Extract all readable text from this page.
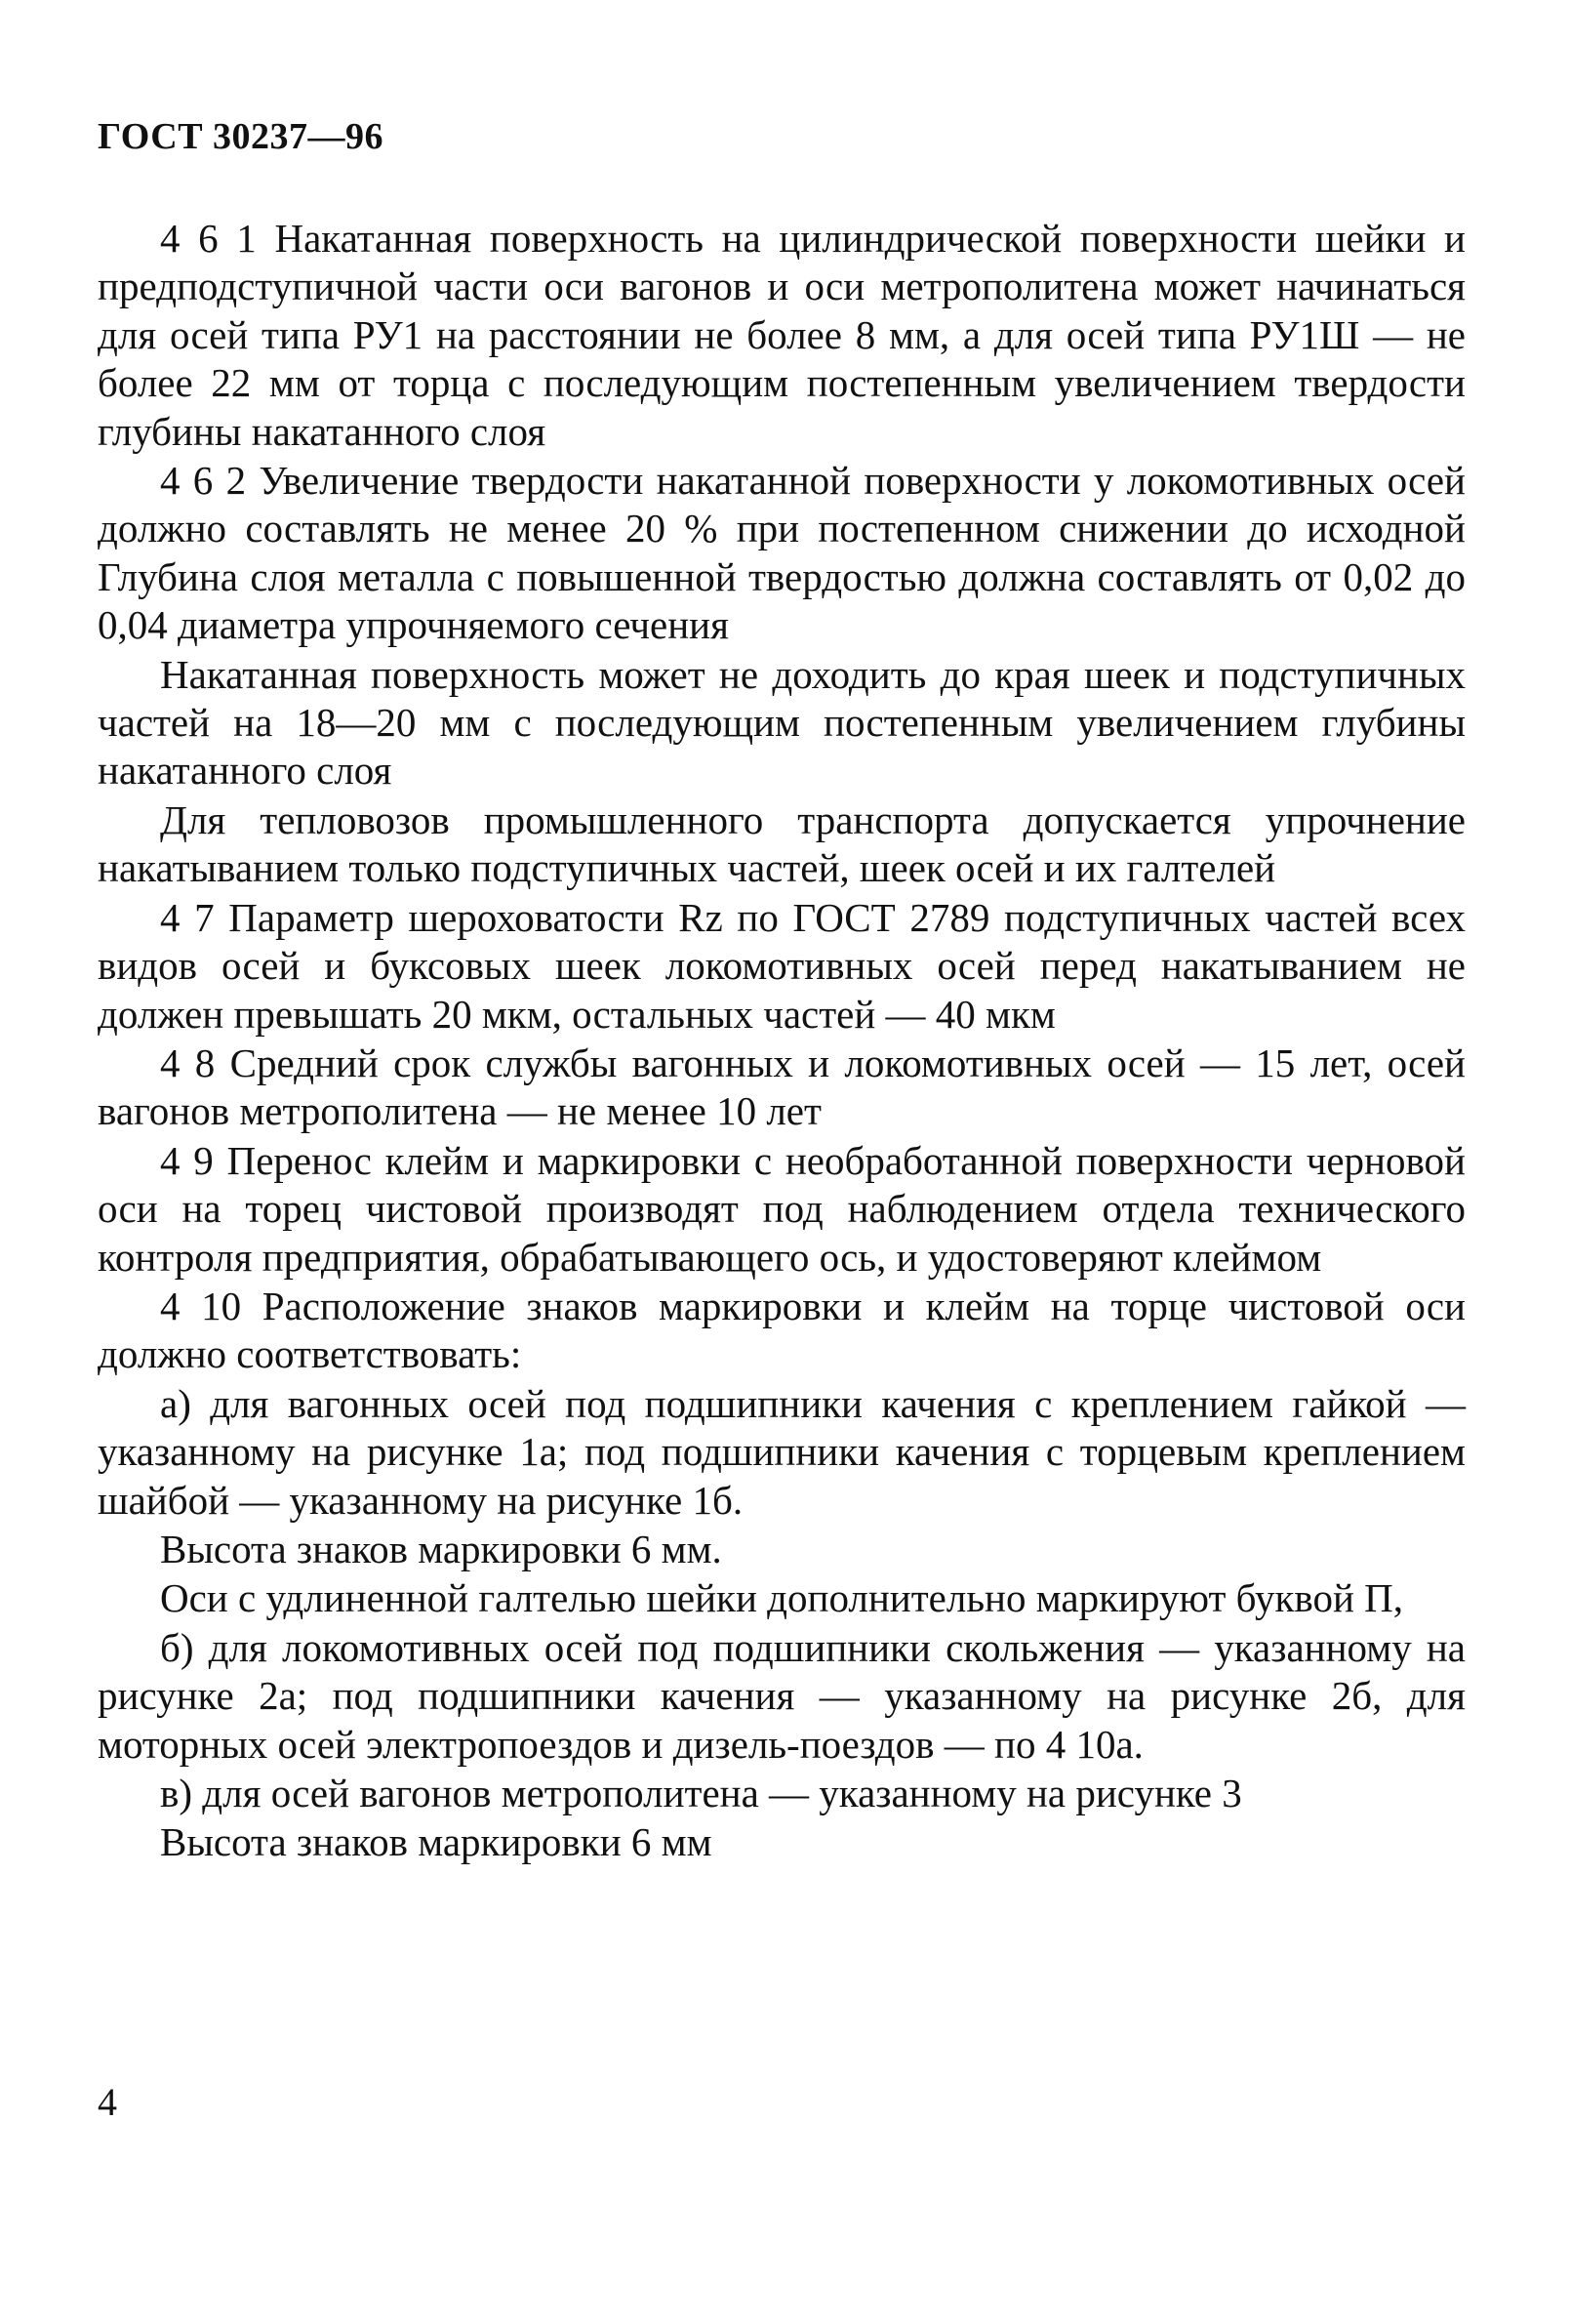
ГОСТ 30237—96

4 6 1 Накатанная поверхность на цилиндрической поверхности шейки и предподступичной части оси вагонов и оси метрополитена может начинаться для осей типа РУ1 на расстоянии не более 8 мм, а для осей типа РУ1Ш — не более 22 мм от торца с последующим постепенным увеличением твердости глубины накатанного слоя

4 6 2 Увеличение твердости накатанной поверхности у локомотивных осей должно составлять не менее 20 % при постепенном снижении до исходной Глубина слоя металла с повышенной твердостью должна составлять от 0,02 до 0,04 диаметра упрочняемого сечения

Накатанная поверхность может не доходить до края шеек и подступичных частей на 18—20 мм с последующим постепенным увеличением глубины накатанного слоя

Для тепловозов промышленного транспорта допускается упрочнение накатыванием только подступичных частей, шеек осей и их галтелей

4 7 Параметр шероховатости Rz по ГОСТ 2789 подступичных частей всех видов осей и буксовых шеек локомотивных осей перед накатыванием не должен превышать 20 мкм, остальных частей — 40 мкм

4 8 Средний срок службы вагонных и локомотивных осей — 15 лет, осей вагонов метрополитена — не менее 10 лет

4 9 Перенос клейм и маркировки с необработанной поверхности черновой оси на торец чистовой производят под наблюдением отдела технического контроля предприятия, обрабатывающего ось, и удостоверяют клеймом

4 10 Расположение знаков маркировки и клейм на торце чистовой оси должно соответствовать:

а) для вагонных осей под подшипники качения с креплением гайкой — указанному на рисунке 1а; под подшипники качения с торцевым креплением шайбой — указанному на рисунке 1б.

Высота знаков маркировки 6 мм.

Оси с удлиненной галтелью шейки дополнительно маркируют буквой П,

б) для локомотивных осей под подшипники скольжения — указанному на рисунке 2а; под подшипники качения — указанному на рисунке 2б, для моторных осей электропоездов и дизель-поездов — по 4 10а.

в) для осей вагонов метрополитена — указанному на рисунке 3

Высота знаков маркировки 6 мм

4
